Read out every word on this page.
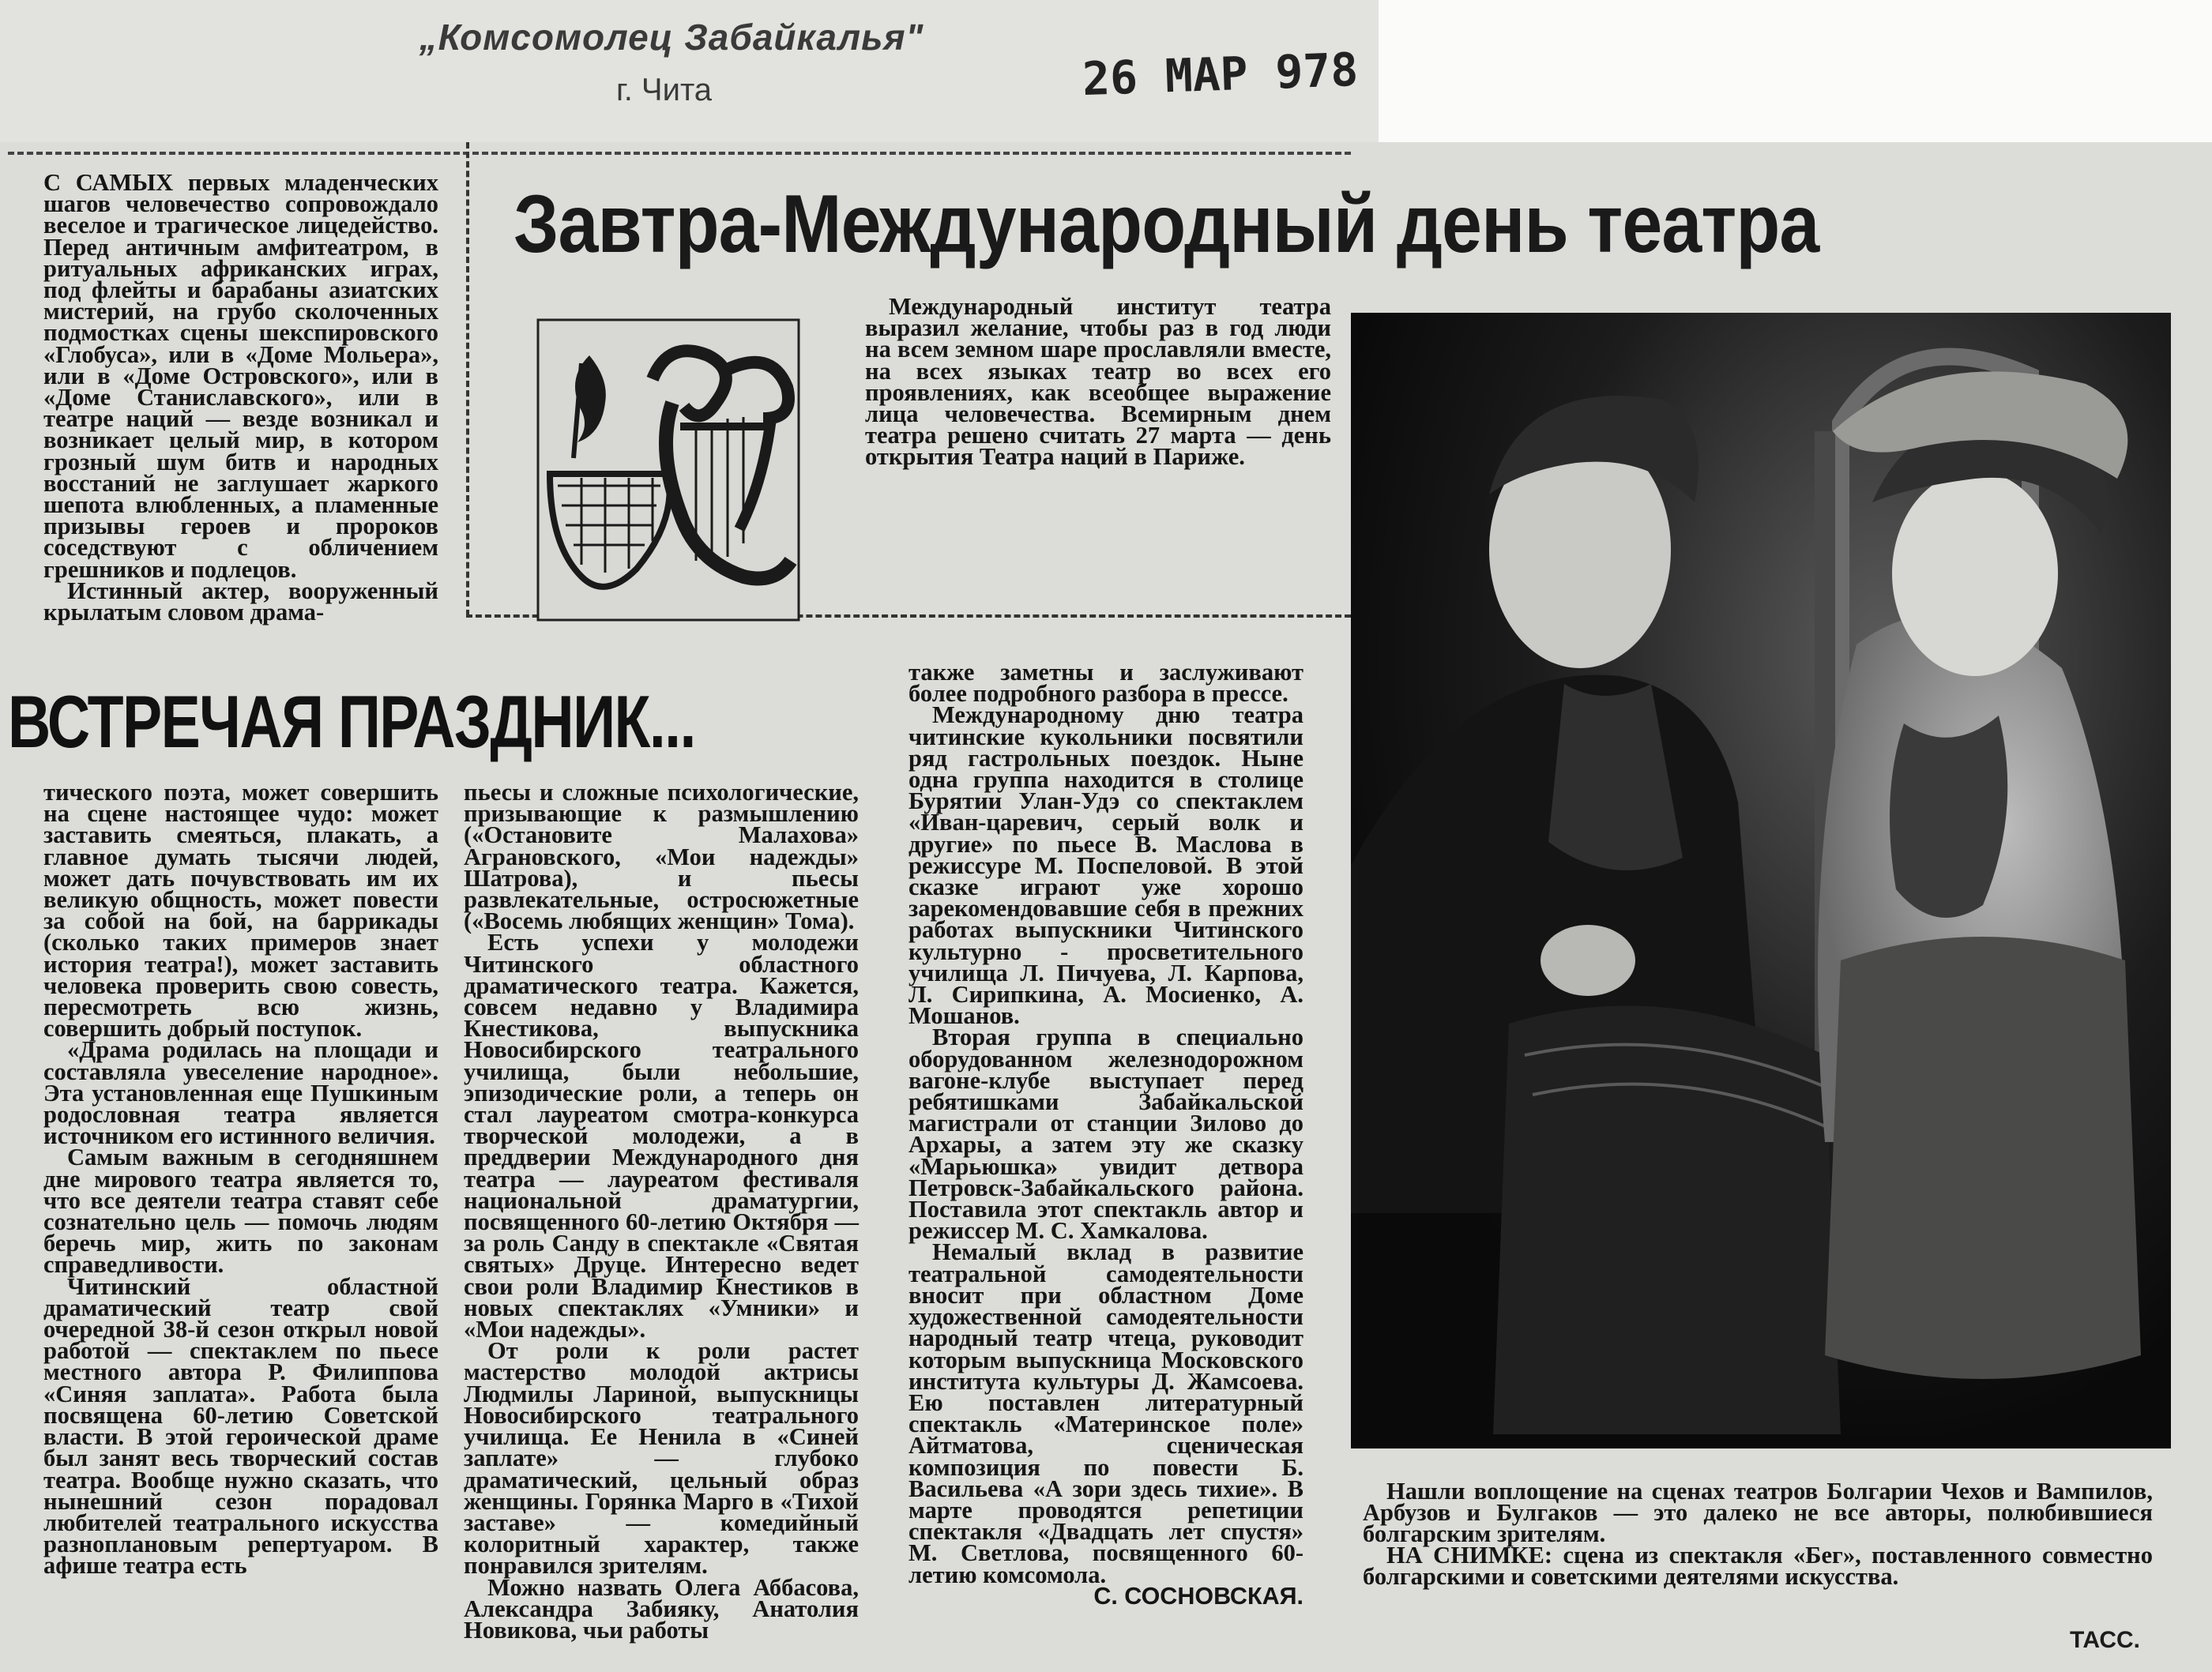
„Комсомолец Забайкалья"
г. Чита	26 МАР 978
Завтра-Международный день театра

С САМЫХ первых младенческих шагов человечество сопровождало веселое и трагическое лицедейство. Перед античным амфитеатром, в ритуальных африканских играх, под флейты и барабаны азиатских мистерий, на грубо сколоченных подмостках сцены шекспировского «Глобуса», или в «Доме Мольера», или в «Доме Островского», или в «Доме Станиславского», или в театре наций — везде возникал и возникает целый мир, в котором грозный шум битв и народных восстаний не заглушает жаркого шепота влюбленных, а пламенные призывы героев и пророков соседствуют с обличением грешников и подлецов.

Истинный актер, вооруженный крылатым словом драма-

Международный институт театра выразил желание, чтобы раз в год люди на всем земном шаре прославляли вместе, на всех языках театр во всех его проявлениях, как всеобщее выражение лица человечества. Всемирным днем театра решено считать 27 марта — день открытия Театра наций в Париже.

ВСТРЕЧАЯ ПРАЗДНИК...

тического поэта, может совершить на сцене настоящее чудо: может заставить смеяться, плакать, а главное думать тысячи людей, может дать почувствовать им их великую общность, может повести за собой на бой, на баррикады (сколько таких примеров знает история театра!), может заставить человека проверить свою совесть, пересмотреть всю жизнь, совершить добрый поступок.

«Драма родилась на площади и составляла увеселение народное». Эта установленная еще Пушкиным родословная театра является источником его истинного величия.

Самым важным в сегодняшнем дне мирового театра является то, что все деятели театра ставят себе сознательно цель — помочь людям беречь мир, жить по законам справедливости.

Читинский областной драматический театр свой очередной 38-й сезон открыл новой работой — спектаклем по пьесе местного автора Р. Филиппова «Синяя заплата». Работа была посвящена 60-летию Советской власти. В этой героической драме был занят весь творческий состав театра. Вообще нужно сказать, что нынешний сезон порадовал любителей театрального искусства разноплановым репертуаром. В афише театра есть

пьесы и сложные психологические, призывающие к размышлению («Остановите Малахова» Аграновского, «Мои надежды» Шатрова), и пьесы развлекательные, остросюжетные («Восемь любящих женщин» Тома).

Есть успехи у молодежи Читинского областного драматического театра. Кажется, совсем недавно у Владимира Кнестикова, выпускника Новосибирского театрального училища, были небольшие, эпизодические роли, а теперь он стал лауреатом смотра-конкурса творческой молодежи, а в преддверии Международного дня театра — лауреатом фестиваля национальной драматургии, посвященного 60-летию Октября — за роль Санду в спектакле «Святая святых» Друце. Интересно ведет свои роли Владимир Кнестиков в новых спектаклях «Умники» и «Мои надежды».

От роли к роли растет мастерство молодой актрисы Людмилы Лариной, выпускницы Новосибирского театрального училища. Ее Ненила в «Синей заплате» — глубоко драматический, цельный образ женщины. Горянка Марго в «Тихой заставе» — комедийный колоритный характер, также понравился зрителям.

Можно назвать Олега Аббасова, Александра Забияку, Анатолия Новикова, чьи работы

также заметны и заслуживают более подробного разбора в прессе.

Международному дню театра читинские кукольники посвятили ряд гастрольных поездок. Ныне одна группа находится в столице Бурятии Улан-Удэ со спектаклем «Иван-царевич, серый волк и другие» по пьесе В. Маслова в режиссуре М. Поспеловой. В этой сказке играют уже хорошо зарекомендовавшие себя в прежних работах выпускники Читинского культурно - просветительного училища Л. Пичуева, Л. Карпова, Л. Сирипкина, А. Мосиенко, А. Мошанов.

Вторая группа в специально оборудованном железнодорожном вагоне-клубе выступает перед ребятишками Забайкальской магистрали от станции Зилово до Архары, а затем эту же сказку «Марьюшка» увидит детвора Петровск-Забайкальского района. Поставила этот спектакль автор и режиссер М. С. Хамкалова.

Немалый вклад в развитие театральной самодеятельности вносит при областном Доме художественной самодеятельности народный театр чтеца, руководит которым выпускница Московского института культуры Д. Жамсоева. Ею поставлен литературный спектакль «Материнское поле» Айтматова, сценическая композиция по повести Б. Васильева «А зори здесь тихие». В марте проводятся репетиции спектакля «Двадцать лет спустя» М. Светлова, посвященного 60-летию комсомола.

С. СОСНОВСКАЯ.

Нашли воплощение на сценах театров Болгарии Чехов и Вампилов, Арбузов и Булгаков — это далеко не все авторы, полюбившиеся болгарским зрителям.

НА СНИМКЕ: сцена из спектакля «Бег», поставленного совместно болгарскими и советскими деятелями искусства.

ТАСС.
